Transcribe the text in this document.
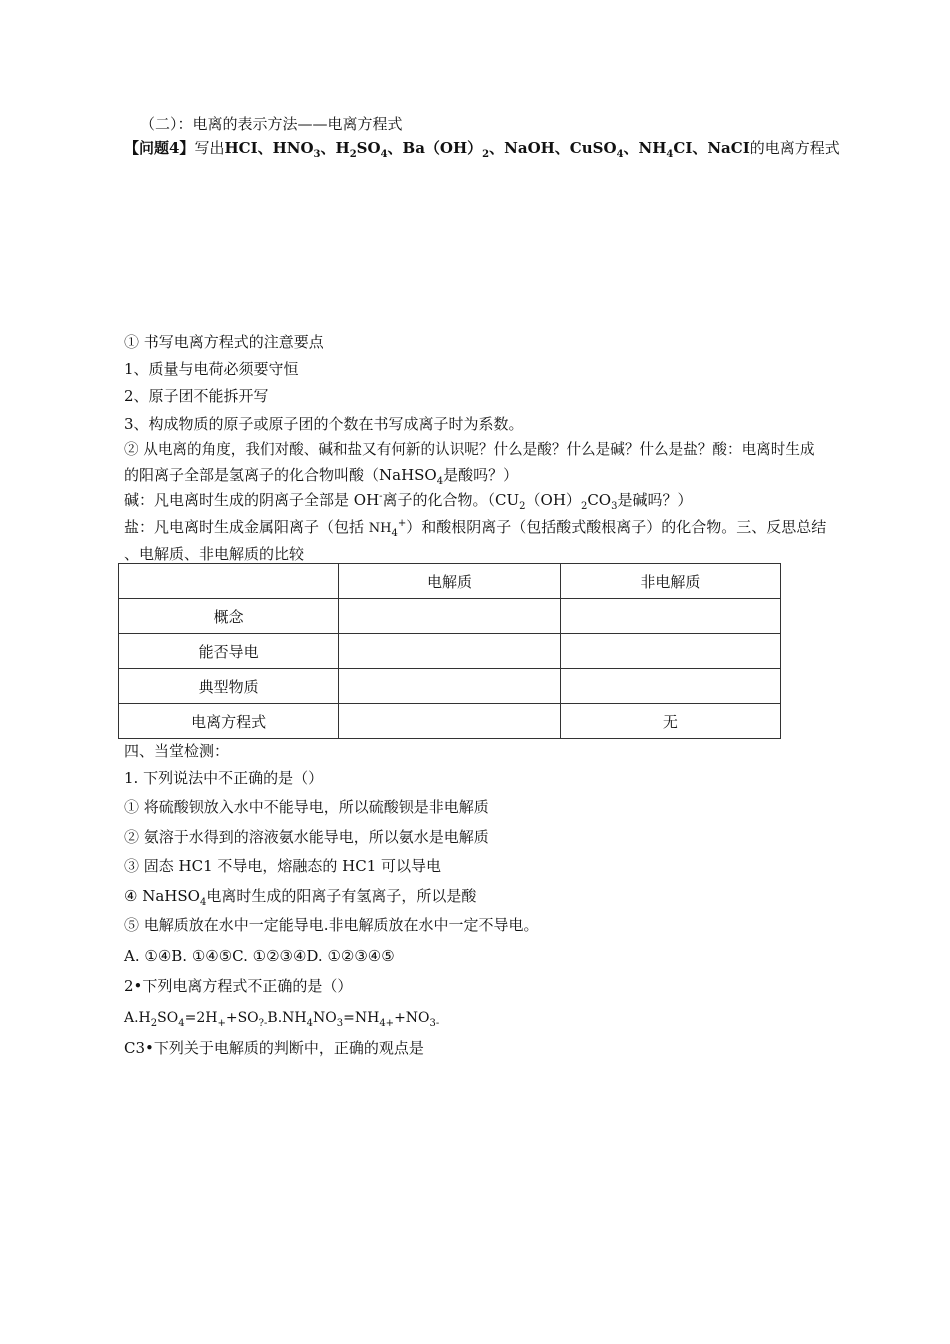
（二）：电离的表示方法——电离方程式
【问题4】写出HCI、$HNO_3$、$H_2SO_4$、$Ba(OH)_2$、NaOH、CuSO$_4$、$NH_4CI$、NaCI的电离方程式
① 书写电离方程式的注意要点
1、质量与电荷必须要守恒
2、原子团不能拆开写
3、构成物质的原子或原子团的个数在书写成离子时为系数。
② 从电离的角度，我们对酸、碱和盐又有何新的认识呢？什么是酸？什么是碱？什么是盐？酸：电离时生成
的阳离子全部是氢离子的化合物叫酸（NaHSO$_4$是酸吗？）
碱：凡电离时生成的阴离子全部是 OH-离子的化合物。（$CU_2(OH)_2CO_3$是碱吗？）
盐：凡电离时生成金属阳离子（包括 $NH_4^+$）和酸根阴离子（包括酸式酸根离子）的化合物。三、反思总结
、电解质、非电解质的比较
	电解质	非电解质
概念		
能否导电		
典型物质		
电离方程式		无
四、当堂检测：
1. 下列说法中不正确的是（）
① 将硫酸钡放入水中不能导电，所以硫酸钡是非电解质
② 氨溶于水得到的溶液氨水能导电，所以氨水是电解质
③ 固态 HC1 不导电，熔融态的 HC1 可以导电
④ NaHSO$_4$电离时生成的阳离子有氢离子，所以是酸
⑤ 电解质放在水中一定能导电.非电解质放在水中一定不导电。
A. ①④B. ①④⑤C. ①②③④D. ①②③④⑤
2•下列电离方程式不正确的是（）
$A.H_2SO_4=2H_++SO_{?-}B.NH_4NO_3=NH_{4+}+NO_{3-}$
C3•下列关于电解质的判断中，正确的观点是
